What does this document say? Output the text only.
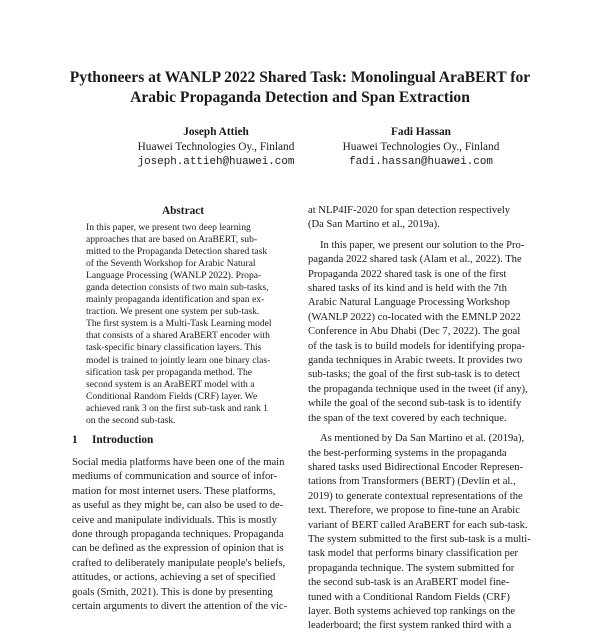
Pythoneers at WANLP 2022 Shared Task: Monolingual AraBERT for
Arabic Propaganda Detection and Span Extraction
Joseph Attieh
Huawei Technologies Oy., Finland
joseph.attieh@huawei.com
Fadi Hassan
Huawei Technologies Oy., Finland
fadi.hassan@huawei.com
Abstract
In this paper, we present two deep learning
approaches that are based on AraBERT, sub-
mitted to the Propaganda Detection shared task
of the Seventh Workshop for Arabic Natural
Language Processing (WANLP 2022). Propa-
ganda detection consists of two main sub-tasks,
mainly propaganda identification and span ex-
traction. We present one system per sub-task.
The first system is a Multi-Task Learning model
that consists of a shared AraBERT encoder with
task-specific binary classification layers. This
model is trained to jointly learn one binary clas-
sification task per propaganda method. The
second system is an AraBERT model with a
Conditional Random Fields (CRF) layer. We
achieved rank 3 on the first sub-task and rank 1
on the second sub-task.
1 Introduction
Social media platforms have been one of the main
mediums of communication and source of infor-
mation for most internet users. These platforms,
as useful as they might be, can also be used to de-
ceive and manipulate individuals. This is mostly
done through propaganda techniques. Propaganda
can be defined as the expression of opinion that is
crafted to deliberately manipulate people's beliefs,
attitudes, or actions, achieving a set of specified
goals (Smith, 2021). This is done by presenting
certain arguments to divert the attention of the vic-
at NLP4IF-2020 for span detection respectively
(Da San Martino et al., 2019a).
In this paper, we present our solution to the Pro-
paganda 2022 shared task (Alam et al., 2022). The
Propaganda 2022 shared task is one of the first
shared tasks of its kind and is held with the 7th
Arabic Natural Language Processing Workshop
(WANLP 2022) co-located with the EMNLP 2022
Conference in Abu Dhabi (Dec 7, 2022). The goal
of the task is to build models for identifying propa-
ganda techniques in Arabic tweets. It provides two
sub-tasks; the goal of the first sub-task is to detect
the propaganda technique used in the tweet (if any),
while the goal of the second sub-task is to identify
the span of the text covered by each technique.
As mentioned by Da San Martino et al. (2019a),
the best-performing systems in the propaganda
shared tasks used Bidirectional Encoder Represen-
tations from Transformers (BERT) (Devlin et al.,
2019) to generate contextual representations of the
text. Therefore, we propose to fine-tune an Arabic
variant of BERT called AraBERT for each sub-task.
The system submitted to the first sub-task is a multi-
task model that performs binary classification per
propaganda technique. The system submitted for
the second sub-task is an AraBERT model fine-
tuned with a Conditional Random Fields (CRF)
layer. Both systems achieved top rankings on the
leaderboard; the first system ranked third with a
